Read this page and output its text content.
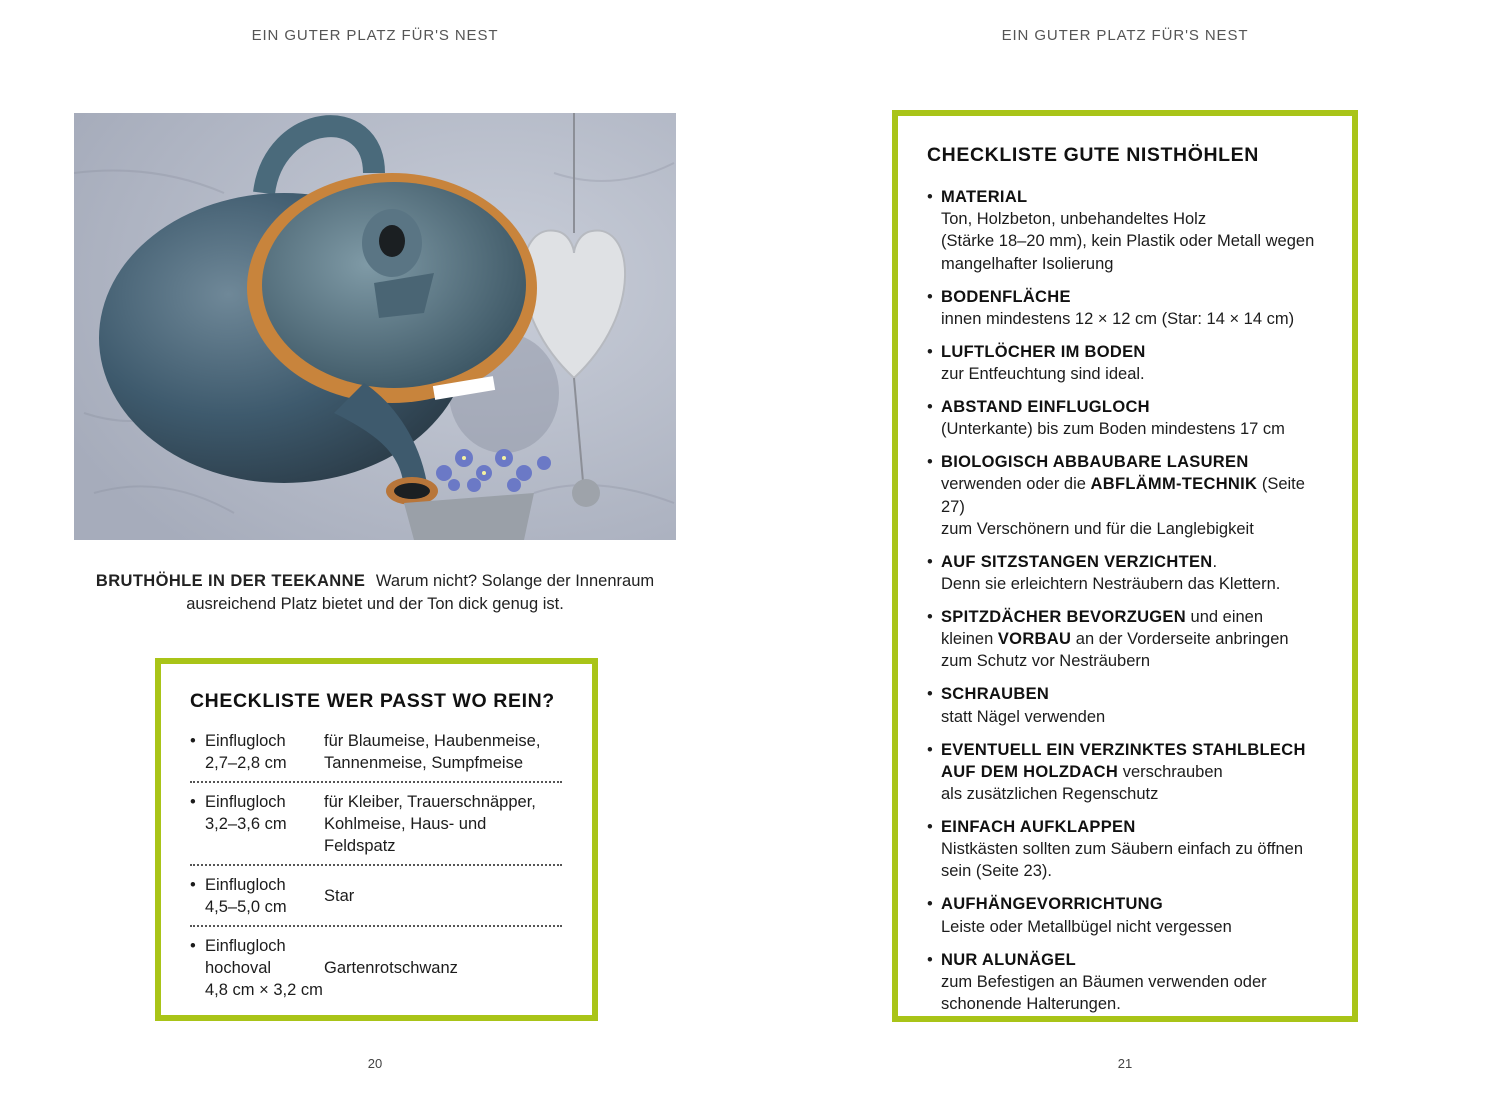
EIN GUTER PLATZ FÜR'S NEST
BRUTHÖHLE IN DER TEEKANNE Warum nicht? Solange der Innenraum
ausreichend Platz bietet und der Ton dick genug ist.
CHECKLISTE WER PASST WO REIN?
• Einflugloch
2,7–2,8 cm
für Blaumeise, Haubenmeise,
Tannenmeise, Sumpfmeise
• Einflugloch
3,2–3,6 cm
für Kleiber, Trauerschnäpper,
Kohlmeise, Haus- und Feldspatz
• Einflugloch
4,5–5,0 cm
Star
• Einflugloch
hochoval
4,8 cm × 3,2 cm
Gartenrotschwanz
20
EIN GUTER PLATZ FÜR'S NEST
CHECKLISTE GUTE NISTHÖHLEN
• MATERIAL
Ton, Holzbeton, unbehandeltes Holz
(Stärke 18–20 mm), kein Plastik oder Metall wegen
mangelhafter Isolierung
• BODENFLÄCHE
innen mindestens 12 × 12 cm (Star: 14 × 14 cm)
• LUFTLÖCHER IM BODEN
zur Entfeuchtung sind ideal.
• ABSTAND EINFLUGLOCH
(Unterkante) bis zum Boden mindestens 17 cm
• BIOLOGISCH ABBAUBARE LASUREN
verwenden oder die ABFLÄMM-TECHNIK (Seite 27)
zum Verschönern und für die Langlebigkeit
• AUF SITZSTANGEN VERZICHTEN.
Denn sie erleichtern Nesträubern das Klettern.
• SPITZDÄCHER BEVORZUGEN und einen
kleinen VORBAU an der Vorderseite anbringen
zum Schutz vor Nesträubern
• SCHRAUBEN
statt Nägel verwenden
• EVENTUELL EIN VERZINKTES STAHLBLECH
AUF DEM HOLZDACH verschrauben
als zusätzlichen Regenschutz
• EINFACH AUFKLAPPEN
Nistkästen sollten zum Säubern einfach zu öffnen
sein (Seite 23).
• AUFHÄNGEVORRICHTUNG
Leiste oder Metallbügel nicht vergessen
• NUR ALUNÄGEL
zum Befestigen an Bäumen verwenden oder
schonende Halterungen.
21
